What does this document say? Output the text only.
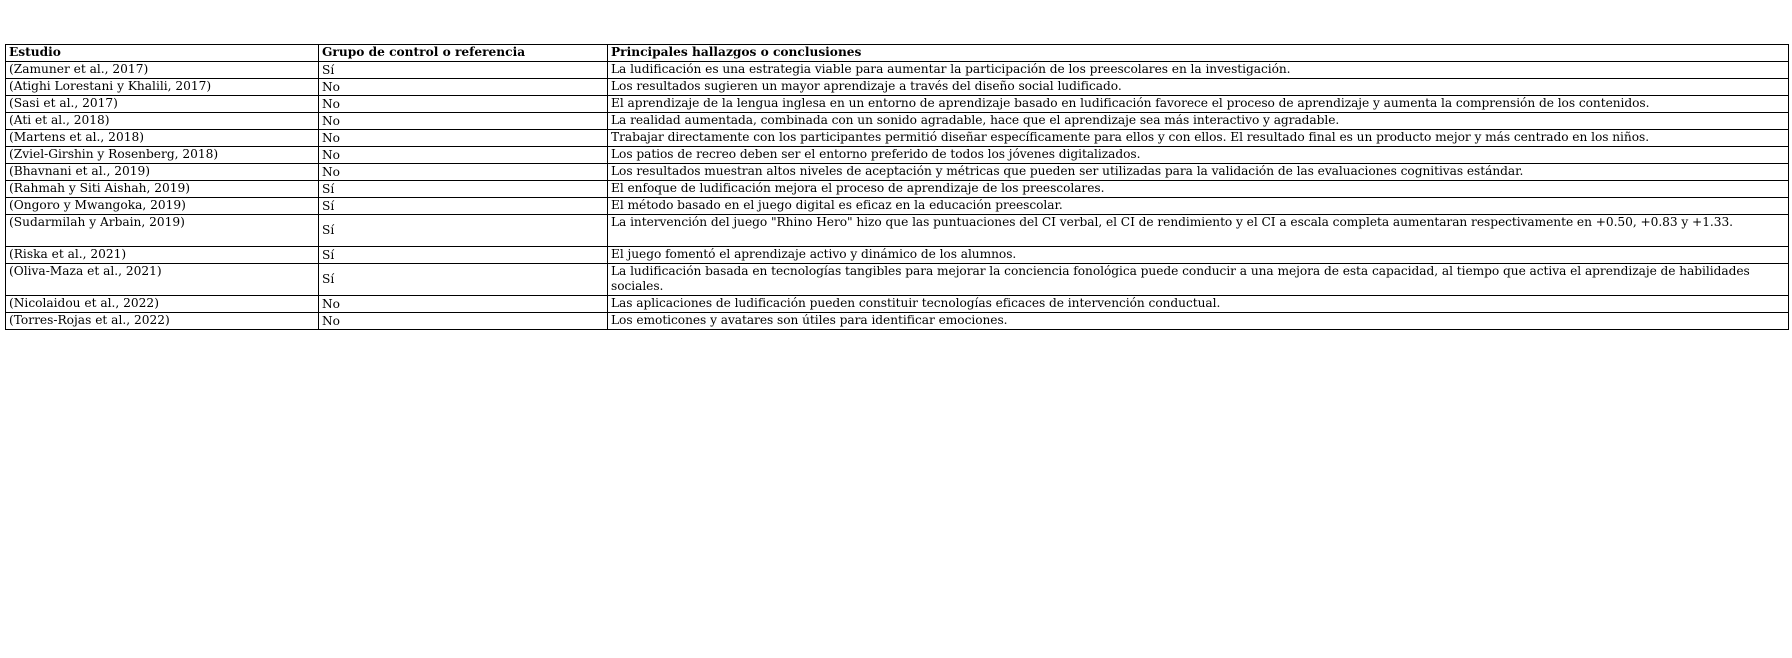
Estudio	Grupo de control o referencia	Principales hallazgos o conclusiones
(Zamuner et al., 2017)	Sí	La ludificación es una estrategia viable para aumentar la participación de los preescolares en la investigación.
(Atighi Lorestani y Khalili, 2017)	No	Los resultados sugieren un mayor aprendizaje a través del diseño social ludificado.
(Sasi et al., 2017)	No	El aprendizaje de la lengua inglesa en un entorno de aprendizaje basado en ludificación favorece el proceso de aprendizaje y aumenta la comprensión de los contenidos.
(Ati et al., 2018)	No	La realidad aumentada, combinada con un sonido agradable, hace que el aprendizaje sea más interactivo y agradable.
(Martens et al., 2018)	No	Trabajar directamente con los participantes permitió diseñar específicamente para ellos y con ellos. El resultado final es un producto mejor y más centrado en los niños.
(Zviel-Girshin y Rosenberg, 2018)	No	Los patios de recreo deben ser el entorno preferido de todos los jóvenes digitalizados.
(Bhavnani et al., 2019)	No	Los resultados muestran altos niveles de aceptación y métricas que pueden ser utilizadas para la validación de las evaluaciones cognitivas estándar.
(Rahmah y Siti Aishah, 2019)	Sí	El enfoque de ludificación mejora el proceso de aprendizaje de los preescolares.
(Ongoro y Mwangoka, 2019)	Sí	El método basado en el juego digital es eficaz en la educación preescolar.
(Sudarmilah y Arbain, 2019)	Sí	La intervención del juego "Rhino Hero" hizo que las puntuaciones del CI verbal, el CI de rendimiento y el CI a escala completa aumentaran respectivamente en +0.50, +0.83 y +1.33.
(Riska et al., 2021)	Sí	El juego fomentó el aprendizaje activo y dinámico de los alumnos.
(Oliva-Maza et al., 2021)	Sí	La ludificación basada en tecnologías tangibles para mejorar la conciencia fonológica puede conducir a una mejora de esta capacidad, al tiempo que activa el aprendizaje de habilidades sociales.
(Nicolaidou et al., 2022)	No	Las aplicaciones de ludificación pueden constituir tecnologías eficaces de intervención conductual.
(Torres-Rojas et al., 2022)	No	Los emoticones y avatares son útiles para identificar emociones.
